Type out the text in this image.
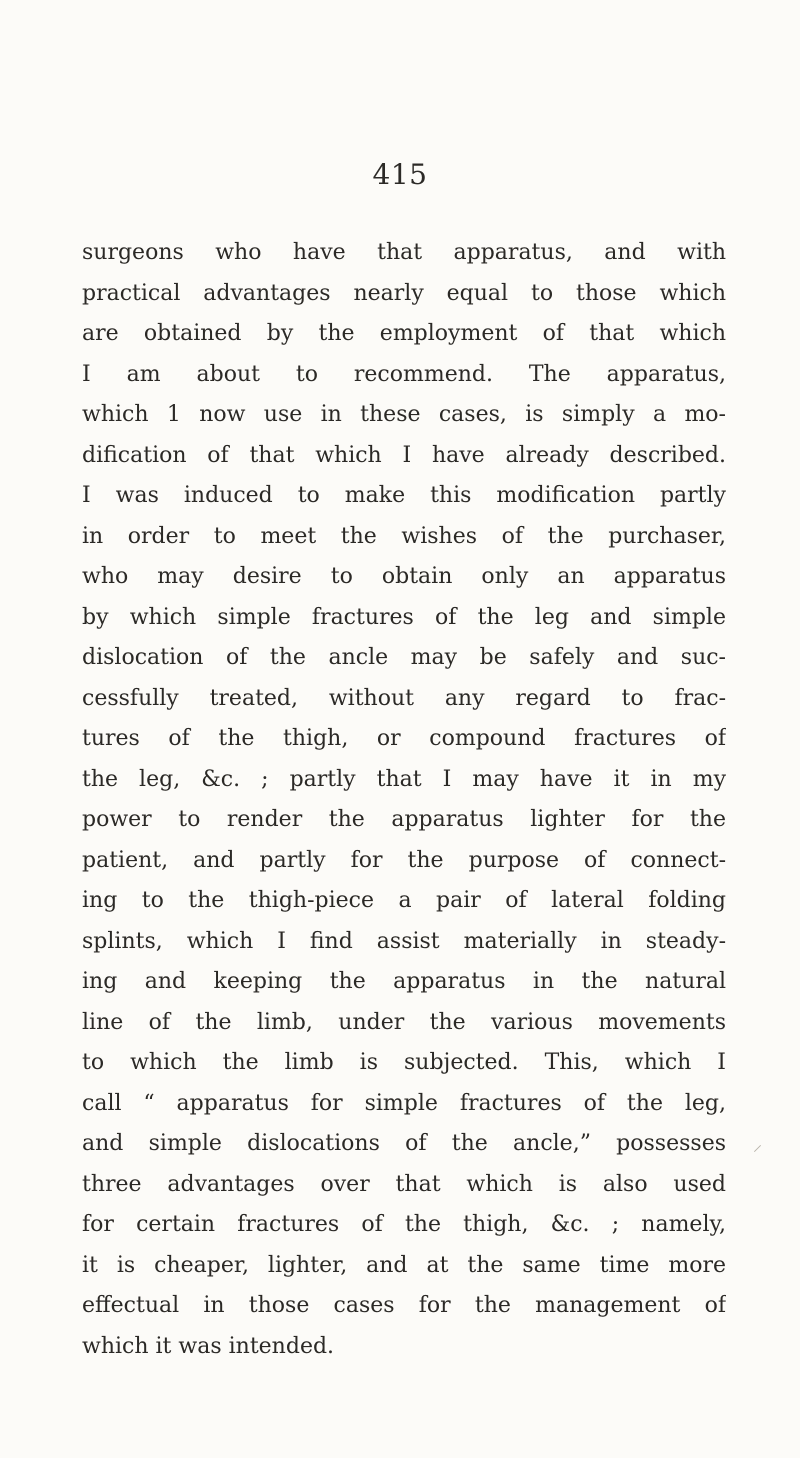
415
surgeons who have that apparatus, and with
practical advantages nearly equal to those which
are obtained by the employment of that which
I am about to recommend. The apparatus,
which 1 now use in these cases, is simply a mo-
dification of that which I have already described.
I was induced to make this modification partly
in order to meet the wishes of the purchaser,
who may desire to obtain only an apparatus
by which simple fractures of the leg and simple
dislocation of the ancle may be safely and suc-
cessfully treated, without any regard to frac-
tures of the thigh, or compound fractures of
the leg, &c. ; partly that I may have it in my
power to render the apparatus lighter for the
patient, and partly for the purpose of connect-
ing to the thigh-piece a pair of lateral folding
splints, which I find assist materially in steady-
ing and keeping the apparatus in the natural
line of the limb, under the various movements
to which the limb is subjected. This, which I
call “ apparatus for simple fractures of the leg,
and simple dislocations of the ancle,” possesses
three advantages over that which is also used
for certain fractures of the thigh, &c. ; namely,
it is cheaper, lighter, and at the same time more
effectual in those cases for the management of
which it was intended.
